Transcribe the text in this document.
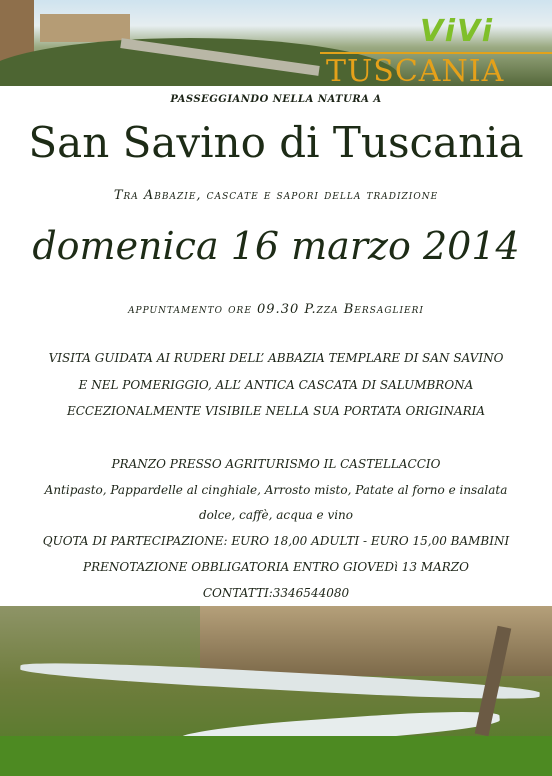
ViVi
TUSCANIA

PASSEGGIANDO NELLA NATURA A

San Savino di Tuscania

Tra Abbazie, cascate e sapori della tradizione

domenica 16 marzo 2014

appuntamento ore 09.30 P.zza Bersaglieri

VISITA GUIDATA AI RUDERI DELL’ ABBAZIA TEMPLARE DI SAN SAVINO

E NEL POMERIGGIO, ALL’ ANTICA CASCATA DI SALUMBRONA

ECCEZIONALMENTE VISIBILE NELLA SUA PORTATA ORIGINARIA

PRANZO PRESSO AGRITURISMO IL CASTELLACCIO

Antipasto, Pappardelle al cinghiale, Arrosto misto, Patate al forno e insalata

dolce, caffè, acqua e vino

QUOTA DI PARTECIPAZIONE: EURO 18,00 ADULTI - EURO 15,00 BAMBINI

PRENOTAZIONE OBBLIGATORIA ENTRO GIOVEDì 13 MARZO

CONTATTI:3346544080
